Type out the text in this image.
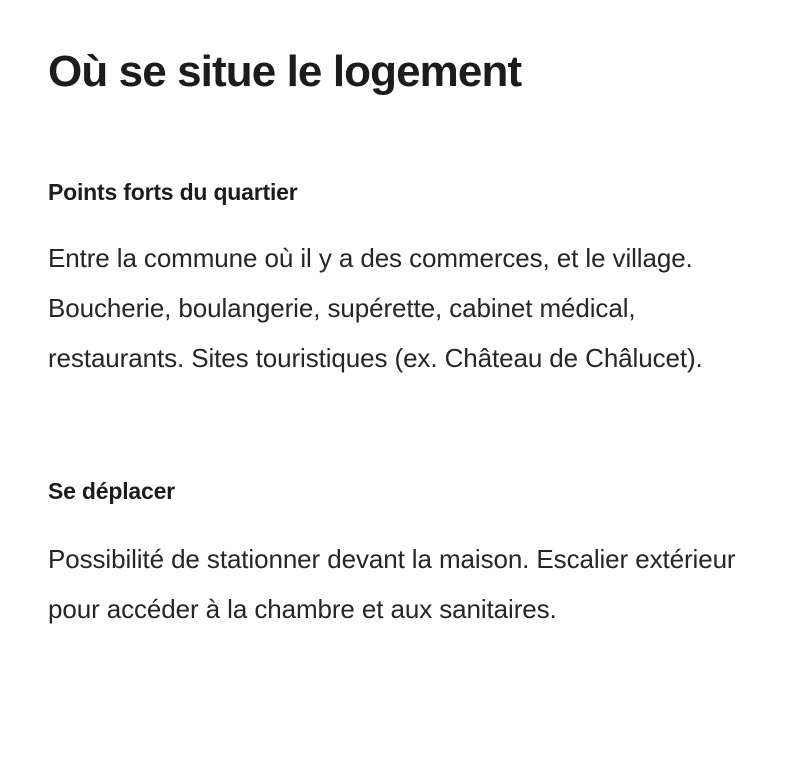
Où se situe le logement
Points forts du quartier

Entre la commune où il y a des commerces, et le village. Boucherie, boulangerie, supérette, cabinet médical, restaurants. Sites touristiques (ex. Château de Châlucet).

Se déplacer

Possibilité de stationner devant la maison. Escalier extérieur pour accéder à la chambre et aux sanitaires.
